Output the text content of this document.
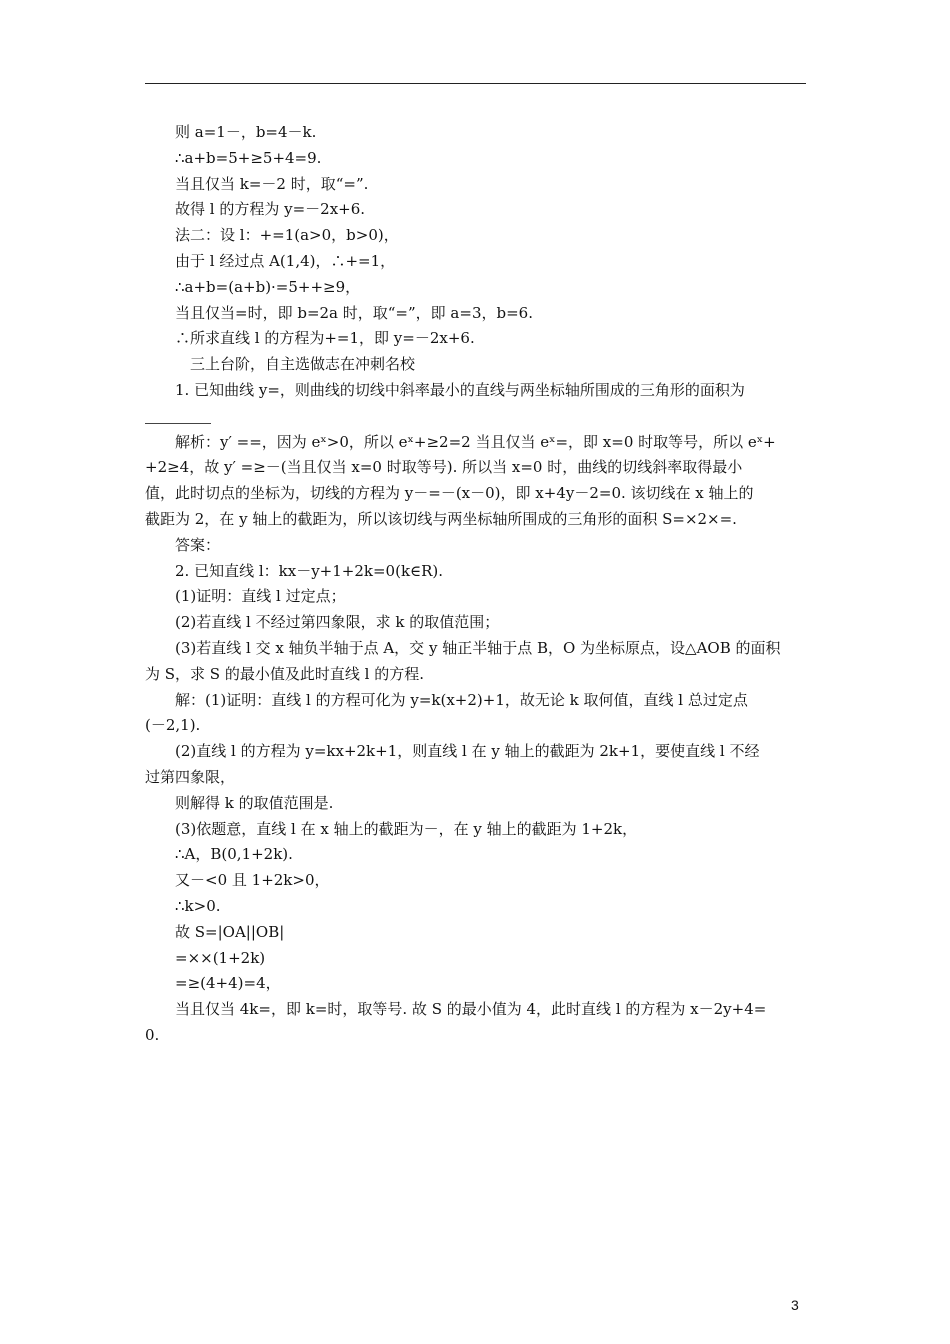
则 a=1－，b=4－k.
∴a+b=5+≥5+4=9.
当且仅当 k=－2 时，取“=”.
故得 l 的方程为 y=－2x+6.
法二：设 l：+=1(a>0，b>0)，
由于 l 经过点 A(1,4)，∴+=1，
∴a+b=(a+b)·=5++≥9，
当且仅当=时，即 b=2a 时，取“=”，即 a=3，b=6.
∴所求直线 l 的方程为+=1，即 y=－2x+6.
三上台阶，自主选做志在冲刺名校
1. 已知曲线 y=，则曲线的切线中斜率最小的直线与两坐标轴所围成的三角形的面积为
解析：y′ ==，因为 eˣ>0，所以 eˣ+≥2=2 当且仅当 eˣ=，即 x=0 时取等号，所以 eˣ+
+2≥4，故 y′ =≥－(当且仅当 x=0 时取等号). 所以当 x=0 时，曲线的切线斜率取得最小
值，此时切点的坐标为，切线的方程为 y－=－(x－0)，即 x+4y－2=0. 该切线在 x 轴上的
截距为 2，在 y 轴上的截距为，所以该切线与两坐标轴所围成的三角形的面积 S=×2×=.
答案：
2. 已知直线 l：kx－y+1+2k=0(k∈R).
(1)证明：直线 l 过定点；
(2)若直线 l 不经过第四象限，求 k 的取值范围；
(3)若直线 l 交 x 轴负半轴于点 A，交 y 轴正半轴于点 B，O 为坐标原点，设△AOB 的面积
为 S，求 S 的最小值及此时直线 l 的方程.
解：(1)证明：直线 l 的方程可化为 y=k(x+2)+1，故无论 k 取何值，直线 l 总过定点
(－2,1).
(2)直线 l 的方程为 y=kx+2k+1，则直线 l 在 y 轴上的截距为 2k+1，要使直线 l 不经
过第四象限，
则解得 k 的取值范围是.
(3)依题意，直线 l 在 x 轴上的截距为－，在 y 轴上的截距为 1+2k，
∴A，B(0,1+2k).
又－<0 且 1+2k>0，
∴k>0.
故 S=|OA||OB|
=××(1+2k)
=≥(4+4)=4，
当且仅当 4k=，即 k=时，取等号. 故 S 的最小值为 4，此时直线 l 的方程为 x－2y+4=
0.
3
